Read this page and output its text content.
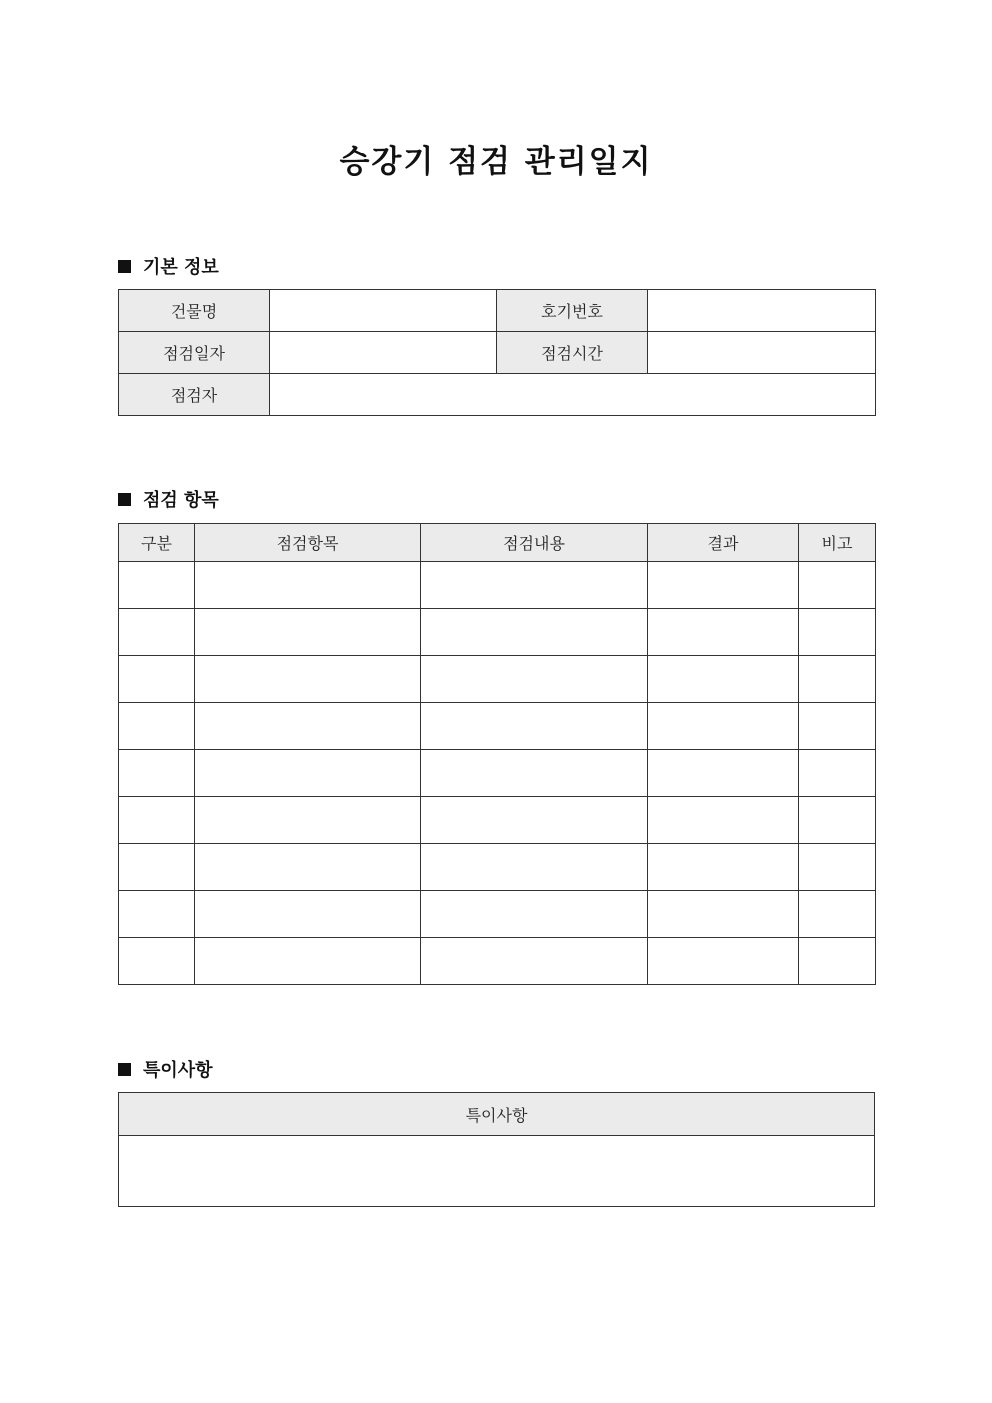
승강기 점검 관리일지
기본 정보
건물명		호기번호	
점검일자		점검시간	
점검자			
점검 항목
구분	점검항목	점검내용	결과	비고

특이사항
특이사항
